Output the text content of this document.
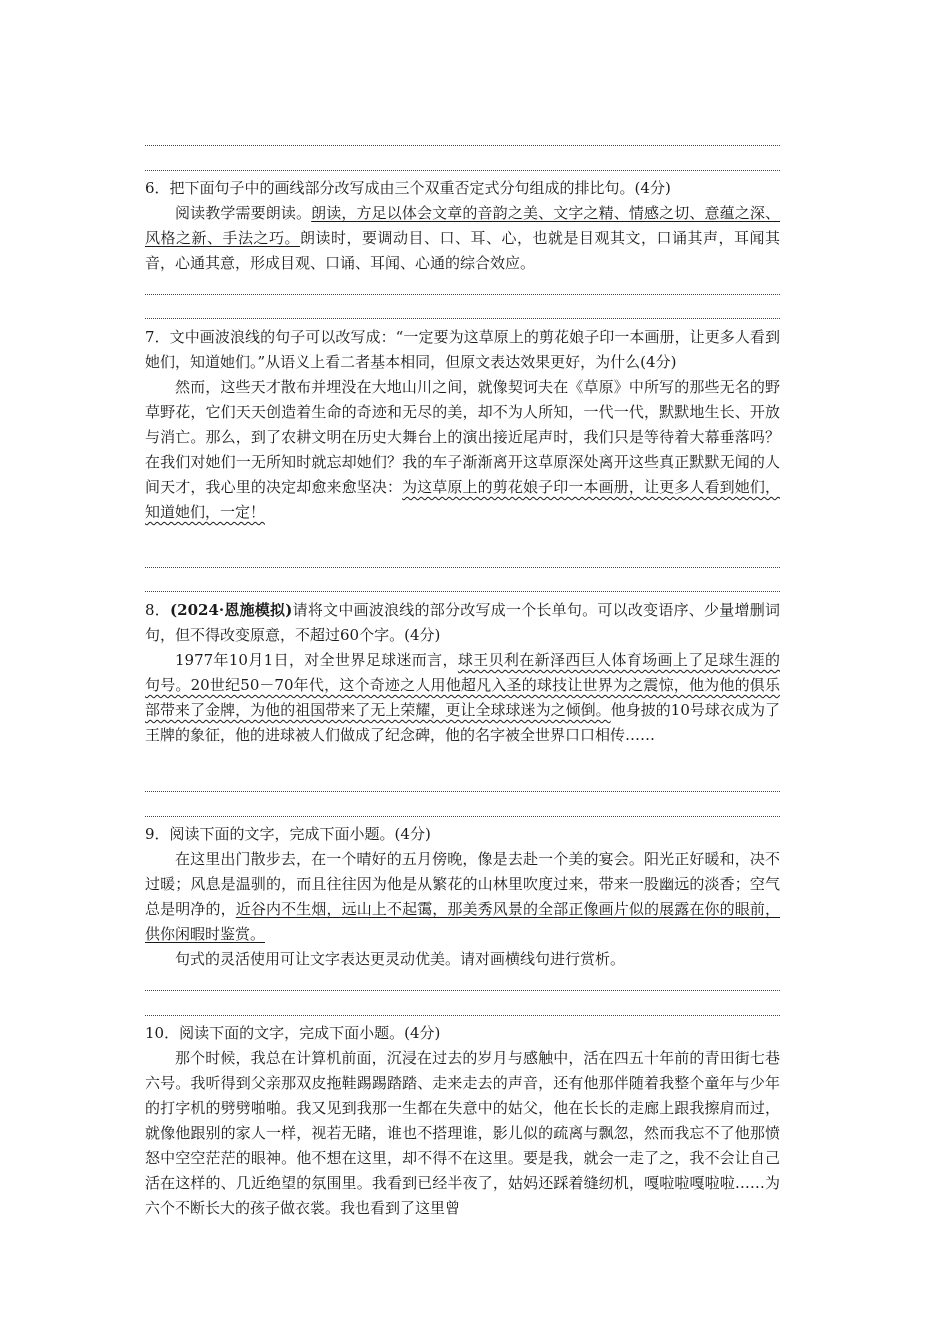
6．把下面句子中的画线部分改写成由三个双重否定式分句组成的排比句。(4分)

阅读教学需要朗读。朗读，方足以体会文章的音韵之美、文字之精、情感之切、意蕴之深、风格之新、手法之巧。朗读时，要调动目、口、耳、心，也就是目观其文，口诵其声，耳闻其音，心通其意，形成目观、口诵、耳闻、心通的综合效应。

7．文中画波浪线的句子可以改写成：“一定要为这草原上的剪花娘子印一本画册，让更多人看到她们，知道她们。”从语义上看二者基本相同，但原文表达效果更好，为什么(4分)

然而，这些天才散布并埋没在大地山川之间，就像契诃夫在《草原》中所写的那些无名的野草野花，它们天天创造着生命的奇迹和无尽的美，却不为人所知，一代一代，默默地生长、开放与消亡。那么，到了农耕文明在历史大舞台上的演出接近尾声时，我们只是等待着大幕垂落吗？在我们对她们一无所知时就忘却她们？我的车子渐渐离开这草原深处离开这些真正默默无闻的人间天才，我心里的决定却愈来愈坚决：为这草原上的剪花娘子印一本画册，让更多人看到她们，知道她们，一定！

8．(2024·恩施模拟)请将文中画波浪线的部分改写成一个长单句。可以改变语序、少量增删词句，但不得改变原意，不超过60个字。(4分)

1977年10月1日，对全世界足球迷而言，球王贝利在新泽西巨人体育场画上了足球生涯的句号。20世纪50－70年代，这个奇迹之人用他超凡入圣的球技让世界为之震惊，他为他的俱乐部带来了金牌，为他的祖国带来了无上荣耀，更让全球球迷为之倾倒。他身披的10号球衣成为了王牌的象征，他的进球被人们做成了纪念碑，他的名字被全世界口口相传……

9．阅读下面的文字，完成下面小题。(4分)

在这里出门散步去，在一个晴好的五月傍晚，像是去赴一个美的宴会。阳光正好暖和，决不过暖；风息是温驯的，而且往往因为他是从繁花的山林里吹度过来，带来一股幽远的淡香；空气总是明净的，近谷内不生烟，远山上不起霭，那美秀风景的全部正像画片似的展露在你的眼前，供你闲暇时鉴赏。

句式的灵活使用可让文字表达更灵动优美。请对画横线句进行赏析。

10．阅读下面的文字，完成下面小题。(4分)

那个时候，我总在计算机前面，沉浸在过去的岁月与感触中，活在四五十年前的青田街七巷六号。我听得到父亲那双皮拖鞋踢踢踏踏、走来走去的声音，还有他那伴随着我整个童年与少年的打字机的劈劈啪啪。我又见到我那一生都在失意中的姑父，他在长长的走廊上跟我擦肩而过，就像他跟别的家人一样，视若无睹，谁也不搭理谁，影儿似的疏离与飘忽，然而我忘不了他那愤怒中空空茫茫的眼神。他不想在这里，却不得不在这里。要是我，就会一走了之，我不会让自己活在这样的、几近绝望的氛围里。我看到已经半夜了，姑妈还踩着缝纫机，嘎啦啦嘎啦啦……为六个不断长大的孩子做衣裳。我也看到了这里曾
